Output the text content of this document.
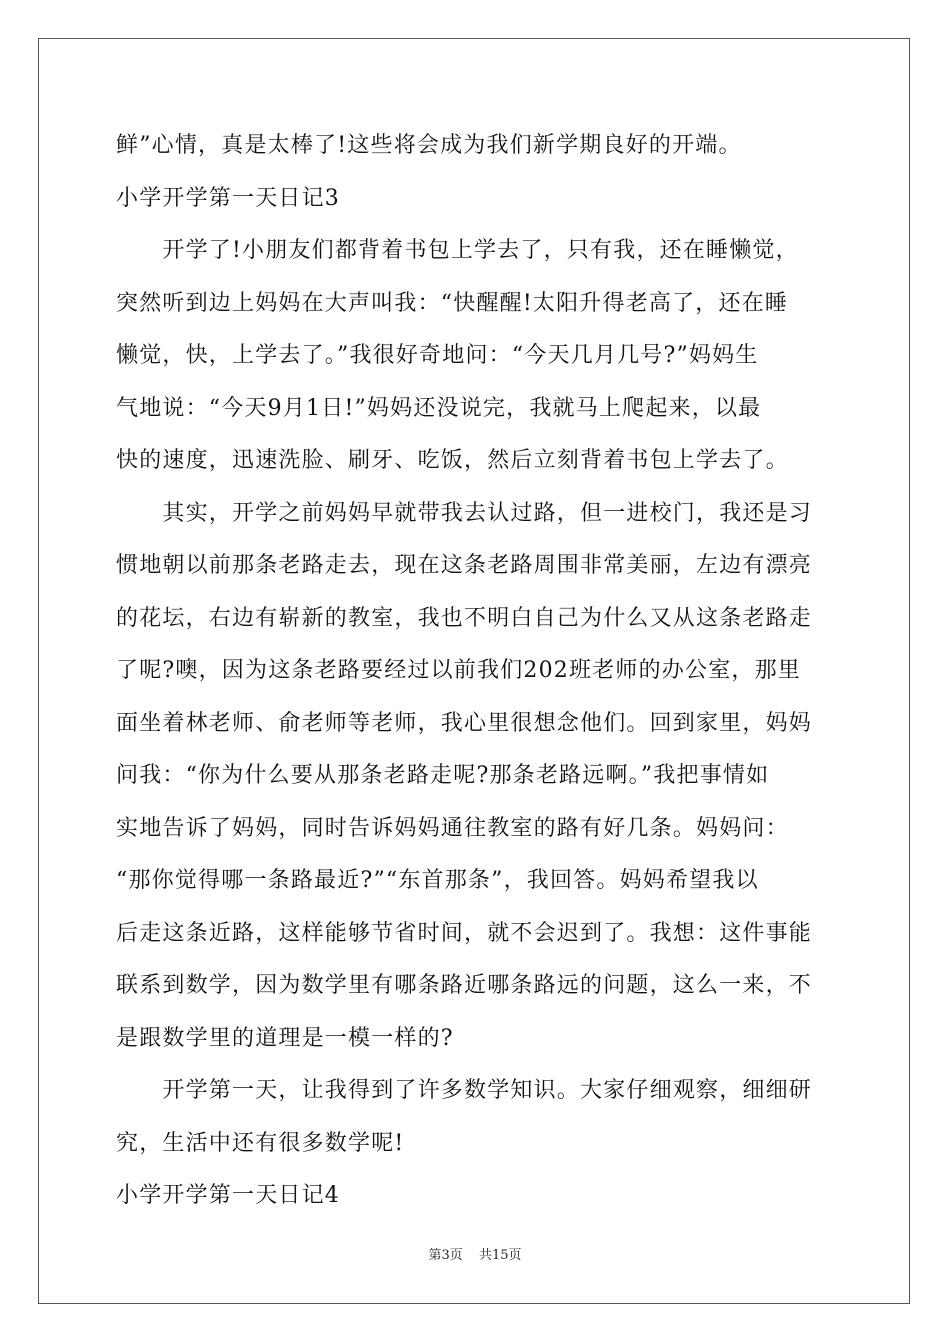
鲜”心情，真是太棒了!这些将会成为我们新学期良好的开端。
小学开学第一天日记3
　　开学了!小朋友们都背着书包上学去了，只有我，还在睡懒觉，
突然听到边上妈妈在大声叫我：“快醒醒!太阳升得老高了，还在睡
懒觉，快，上学去了。”我很好奇地问：“今天几月几号?”妈妈生
气地说：“今天9月1日!”妈妈还没说完，我就马上爬起来，以最
快的速度，迅速洗脸、刷牙、吃饭，然后立刻背着书包上学去了。
　　其实，开学之前妈妈早就带我去认过路，但一进校门，我还是习
惯地朝以前那条老路走去，现在这条老路周围非常美丽，左边有漂亮
的花坛，右边有崭新的教室，我也不明白自己为什么又从这条老路走
了呢?噢，因为这条老路要经过以前我们202班老师的办公室，那里
面坐着林老师、俞老师等老师，我心里很想念他们。回到家里，妈妈
问我：“你为什么要从那条老路走呢?那条老路远啊。”我把事情如
实地告诉了妈妈，同时告诉妈妈通往教室的路有好几条。妈妈问：
“那你觉得哪一条路最近?”“东首那条”，我回答。妈妈希望我以
后走这条近路，这样能够节省时间，就不会迟到了。我想：这件事能
联系到数学，因为数学里有哪条路近哪条路远的问题，这么一来，不
是跟数学里的道理是一模一样的?
　　开学第一天，让我得到了许多数学知识。大家仔细观察，细细研
究，生活中还有很多数学呢!
小学开学第一天日记4
第3页 共15页
